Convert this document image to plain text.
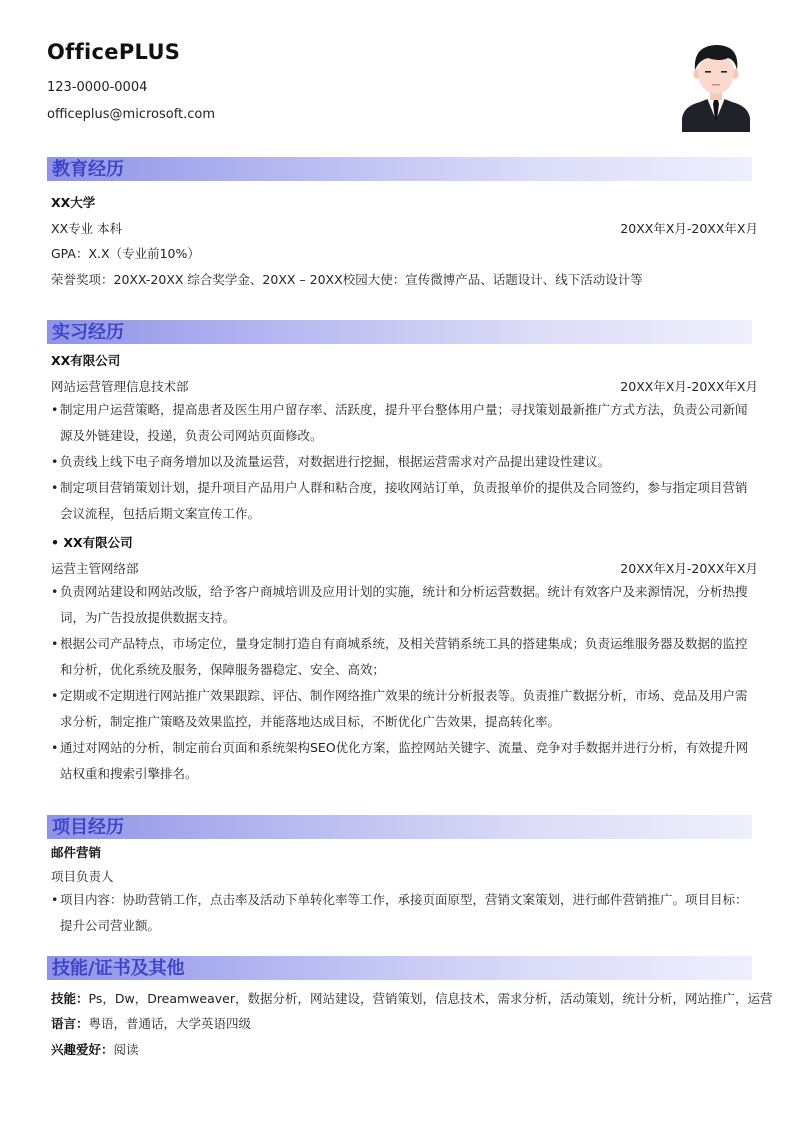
OfficePLUS
123-0000-0004
officeplus@microsoft.com
教育经历
XX大学
XX专业 本科	20XX年X月-20XX年X月
GPA：X.X（专业前10%）
荣誉奖项：20XX-20XX 综合奖学金、20XX – 20XX校园大使：宣传微博产品、话题设计、线下活动设计等
实习经历
XX有限公司
网站运营管理信息技术部	20XX年X月-20XX年X月
• 制定用户运营策略，提高患者及医生用户留存率、活跃度，提升平台整体用户量；寻找策划最新推广方式方法，负责公司新闻源及外链建设，投递，负责公司网站页面修改。
• 负责线上线下电子商务增加以及流量运营，对数据进行挖掘，根据运营需求对产品提出建设性建议。
• 制定项目营销策划计划，提升项目产品用户人群和粘合度，接收网站订单，负责报单价的提供及合同签约，参与指定项目营销会议流程，包括后期文案宣传工作。
• XX有限公司
运营主管网络部	20XX年X月-20XX年X月
• 负责网站建设和网站改版，给予客户商城培训及应用计划的实施，统计和分析运营数据。统计有效客户及来源情况，分析热搜词，为广告投放提供数据支持。
• 根据公司产品特点，市场定位，量身定制打造自有商城系统，及相关营销系统工具的搭建集成；负责运维服务器及数据的监控和分析，优化系统及服务，保障服务器稳定、安全、高效；
• 定期或不定期进行网站推广效果跟踪、评估、制作网络推广效果的统计分析报表等。负责推广数据分析，市场、竞品及用户需求分析，制定推广策略及效果监控，并能落地达成目标，不断优化广告效果，提高转化率。
• 通过对网站的分析，制定前台页面和系统架构SEO优化方案，监控网站关键字、流量、竞争对手数据并进行分析，有效提升网站权重和搜索引擎排名。
项目经历
邮件营销
项目负责人
• 项目内容：协助营销工作，点击率及活动下单转化率等工作，承接页面原型，营销文案策划，进行邮件营销推广。项目目标：提升公司营业额。
技能/证书及其他
技能：Ps，Dw，Dreamweaver，数据分析，网站建设，营销策划，信息技术，需求分析，活动策划，统计分析，网站推广，运营
语言：粤语，普通话，大学英语四级
兴趣爱好：阅读
